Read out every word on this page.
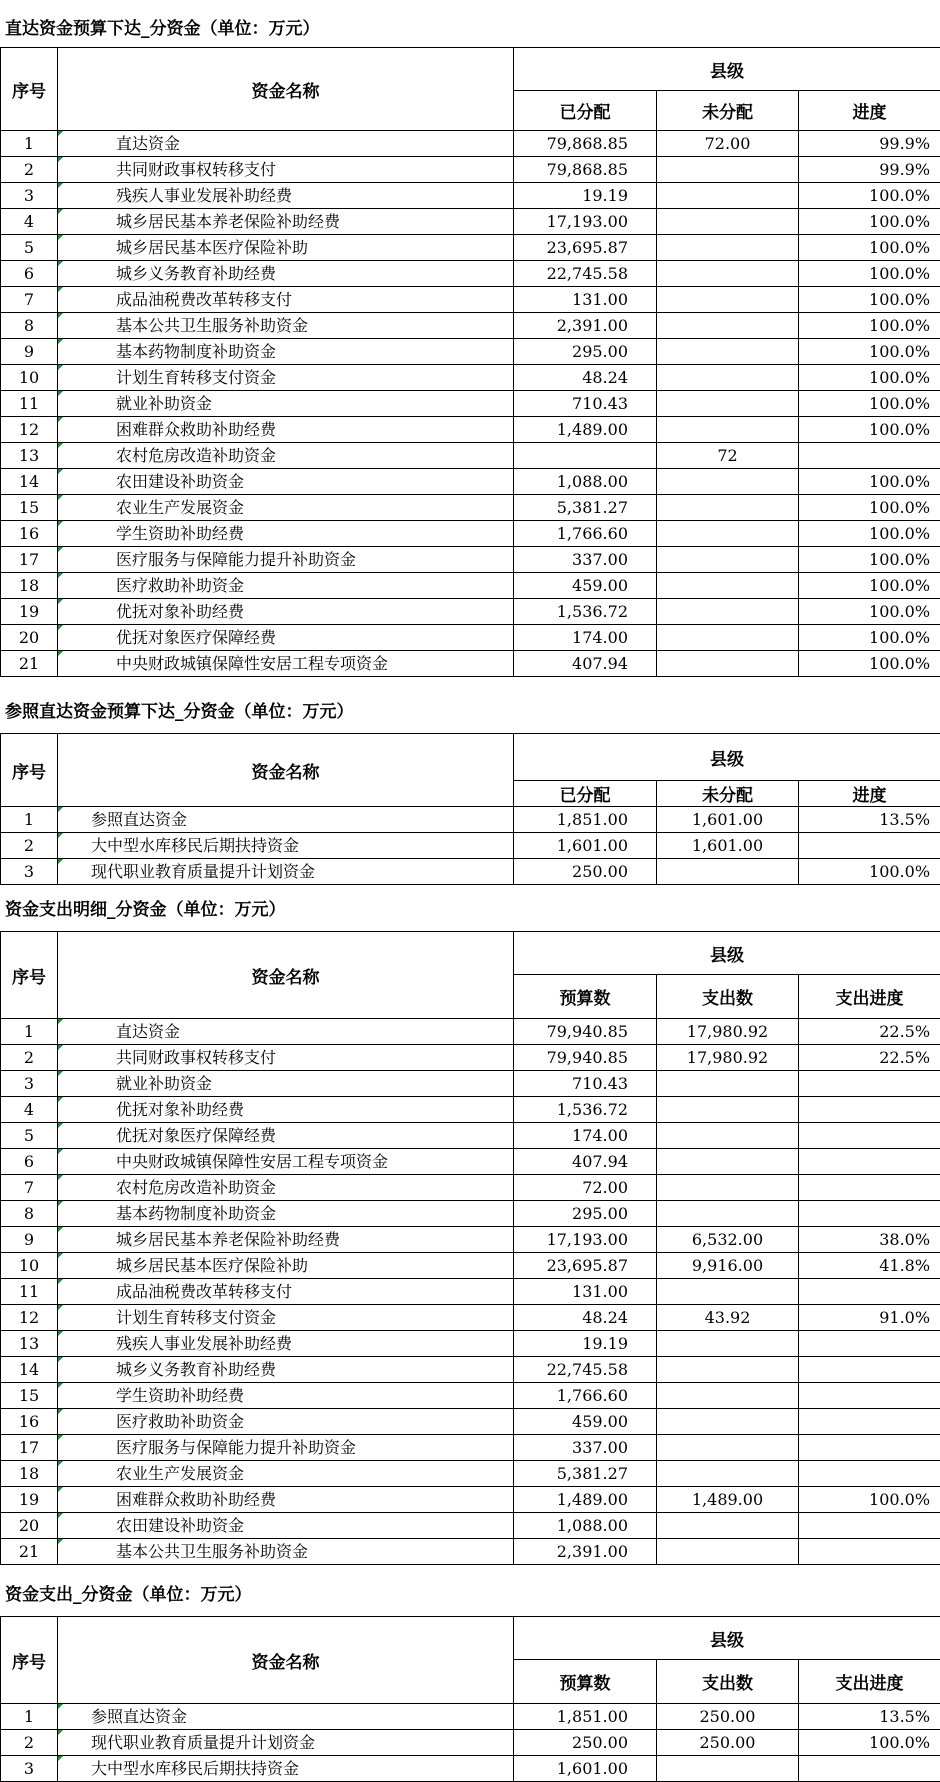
直达资金预算下达_分资金（单位：万元）
序号	资金名称	县级		
		已分配	未分配	进度
1	直达资金	79,868.85	72.00	99.9%
2	共同财政事权转移支付	79,868.85		99.9%
3	残疾人事业发展补助经费	19.19		100.0%
4	城乡居民基本养老保险补助经费	17,193.00		100.0%
5	城乡居民基本医疗保险补助	23,695.87		100.0%
6	城乡义务教育补助经费	22,745.58		100.0%
7	成品油税费改革转移支付	131.00		100.0%
8	基本公共卫生服务补助资金	2,391.00		100.0%
9	基本药物制度补助资金	295.00		100.0%
10	计划生育转移支付资金	48.24		100.0%
11	就业补助资金	710.43		100.0%
12	困难群众救助补助经费	1,489.00		100.0%
13	农村危房改造补助资金		72	
14	农田建设补助资金	1,088.00		100.0%
15	农业生产发展资金	5,381.27		100.0%
16	学生资助补助经费	1,766.60		100.0%
17	医疗服务与保障能力提升补助资金	337.00		100.0%
18	医疗救助补助资金	459.00		100.0%
19	优抚对象补助经费	1,536.72		100.0%
20	优抚对象医疗保障经费	174.00		100.0%
21	中央财政城镇保障性安居工程专项资金	407.94		100.0%
参照直达资金预算下达_分资金（单位：万元）
序号	资金名称	县级		
		已分配	未分配	进度
1	参照直达资金	1,851.00	1,601.00	13.5%
2	大中型水库移民后期扶持资金	1,601.00	1,601.00	
3	现代职业教育质量提升计划资金	250.00		100.0%
资金支出明细_分资金（单位：万元）
序号	资金名称	县级		
		预算数	支出数	支出进度
1	直达资金	79,940.85	17,980.92	22.5%
2	共同财政事权转移支付	79,940.85	17,980.92	22.5%
3	就业补助资金	710.43		
4	优抚对象补助经费	1,536.72		
5	优抚对象医疗保障经费	174.00		
6	中央财政城镇保障性安居工程专项资金	407.94		
7	农村危房改造补助资金	72.00		
8	基本药物制度补助资金	295.00		
9	城乡居民基本养老保险补助经费	17,193.00	6,532.00	38.0%
10	城乡居民基本医疗保险补助	23,695.87	9,916.00	41.8%
11	成品油税费改革转移支付	131.00		
12	计划生育转移支付资金	48.24	43.92	91.0%
13	残疾人事业发展补助经费	19.19		
14	城乡义务教育补助经费	22,745.58		
15	学生资助补助经费	1,766.60		
16	医疗救助补助资金	459.00		
17	医疗服务与保障能力提升补助资金	337.00		
18	农业生产发展资金	5,381.27		
19	困难群众救助补助经费	1,489.00	1,489.00	100.0%
20	农田建设补助资金	1,088.00		
21	基本公共卫生服务补助资金	2,391.00		
资金支出_分资金（单位：万元）
序号	资金名称	县级		
		预算数	支出数	支出进度
1	参照直达资金	1,851.00	250.00	13.5%
2	现代职业教育质量提升计划资金	250.00	250.00	100.0%
3	大中型水库移民后期扶持资金	1,601.00		
